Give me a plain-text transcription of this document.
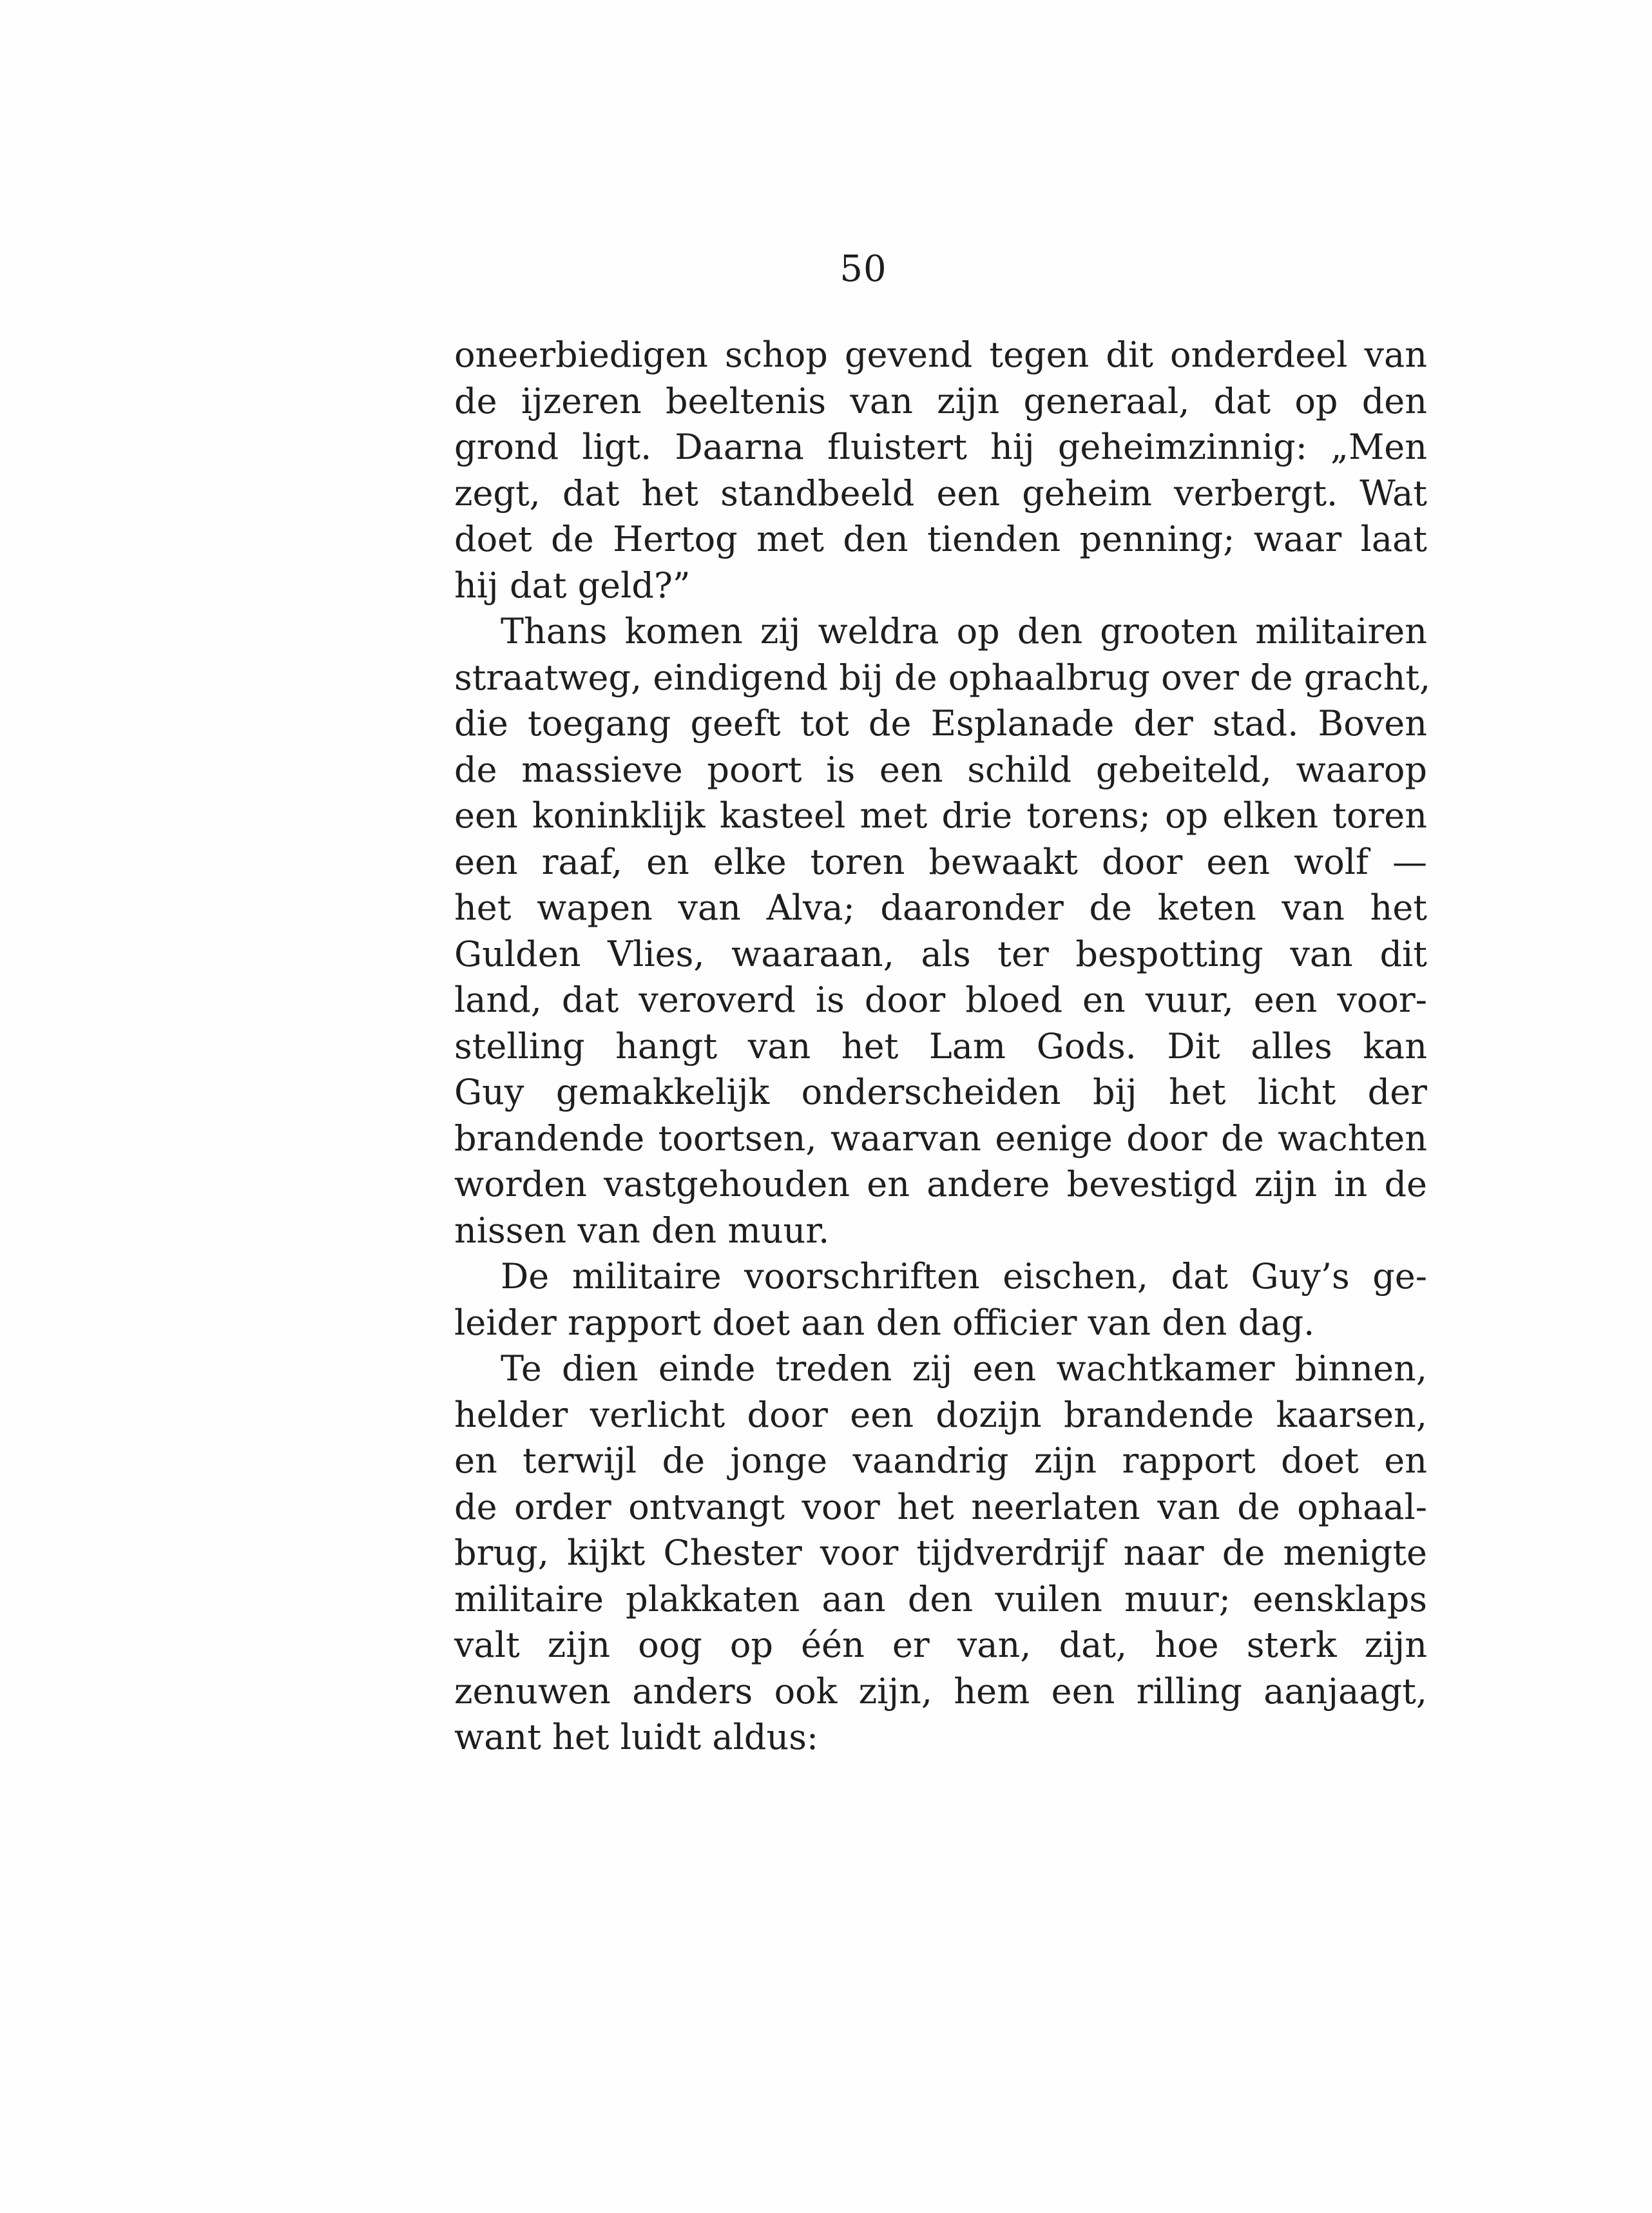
50
oneerbiedigen schop gevend tegen dit onderdeel van
de ijzeren beeltenis van zijn generaal, dat op den
grond ligt. Daarna fluistert hij geheimzinnig: „Men
zegt, dat het standbeeld een geheim verbergt. Wat
doet de Hertog met den tienden penning; waar laat
hij dat geld?”
Thans komen zij weldra op den grooten militairen
straatweg, eindigend bij de ophaalbrug over de gracht,
die toegang geeft tot de Esplanade der stad. Boven
de massieve poort is een schild gebeiteld, waarop
een koninklijk kasteel met drie torens; op elken toren
een raaf, en elke toren bewaakt door een wolf —
het wapen van Alva; daaronder de keten van het
Gulden Vlies, waaraan, als ter bespotting van dit
land, dat veroverd is door bloed en vuur, een voor-
stelling hangt van het Lam Gods. Dit alles kan
Guy gemakkelijk onderscheiden bij het licht der
brandende toortsen, waarvan eenige door de wachten
worden vastgehouden en andere bevestigd zijn in de
nissen van den muur.
De militaire voorschriften eischen, dat Guy’s ge-
leider rapport doet aan den officier van den dag.
Te dien einde treden zij een wachtkamer binnen,
helder verlicht door een dozijn brandende kaarsen,
en terwijl de jonge vaandrig zijn rapport doet en
de order ontvangt voor het neerlaten van de ophaal-
brug, kijkt Chester voor tijdverdrijf naar de menigte
militaire plakkaten aan den vuilen muur; eensklaps
valt zijn oog op één er van, dat, hoe sterk zijn
zenuwen anders ook zijn, hem een rilling aanjaagt,
want het luidt aldus:
